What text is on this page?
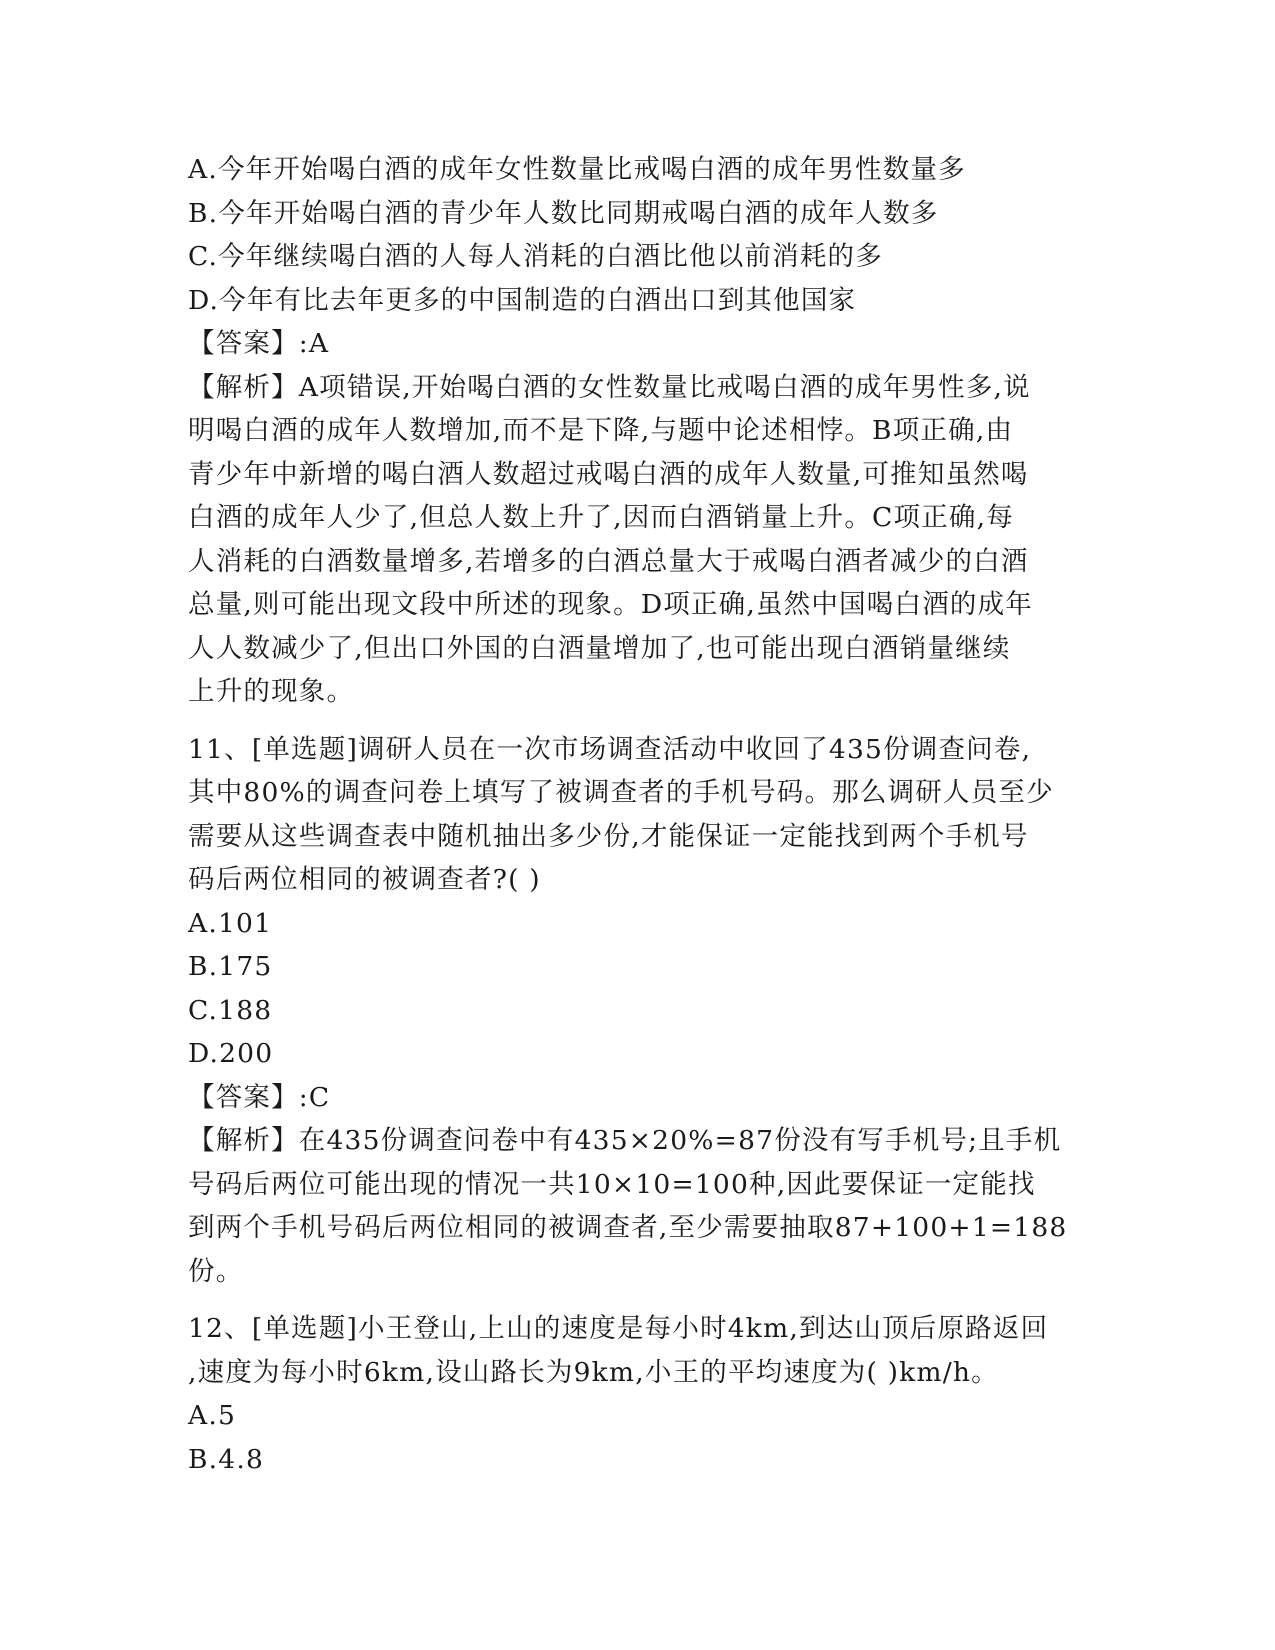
A.今年开始喝白酒的成年女性数量比戒喝白酒的成年男性数量多

B.今年开始喝白酒的青少年人数比同期戒喝白酒的成年人数多

C.今年继续喝白酒的人每人消耗的白酒比他以前消耗的多

D.今年有比去年更多的中国制造的白酒出口到其他国家

【答案】:A

【解析】A项错误,开始喝白酒的女性数量比戒喝白酒的成年男性多,说

明喝白酒的成年人数增加,而不是下降,与题中论述相悖。B项正确,由

青少年中新增的喝白酒人数超过戒喝白酒的成年人数量,可推知虽然喝

白酒的成年人少了,但总人数上升了,因而白酒销量上升。C项正确,每

人消耗的白酒数量增多,若增多的白酒总量大于戒喝白酒者减少的白酒

总量,则可能出现文段中所述的现象。D项正确,虽然中国喝白酒的成年

人人数减少了,但出口外国的白酒量增加了,也可能出现白酒销量继续

上升的现象。

11、[单选题]调研人员在一次市场调查活动中收回了435份调查问卷,

其中80%的调查问卷上填写了被调查者的手机号码。那么调研人员至少

需要从这些调查表中随机抽出多少份,才能保证一定能找到两个手机号

码后两位相同的被调查者?( )

A.101

B.175

C.188

D.200

【答案】:C

【解析】在435份调查问卷中有435×20%=87份没有写手机号;且手机

号码后两位可能出现的情况一共10×10=100种,因此要保证一定能找

到两个手机号码后两位相同的被调查者,至少需要抽取87+100+1=188

份。

12、[单选题]小王登山,上山的速度是每小时4km,到达山顶后原路返回

,速度为每小时6km,设山路长为9km,小王的平均速度为( )km/h。

A.5

B.4.8
